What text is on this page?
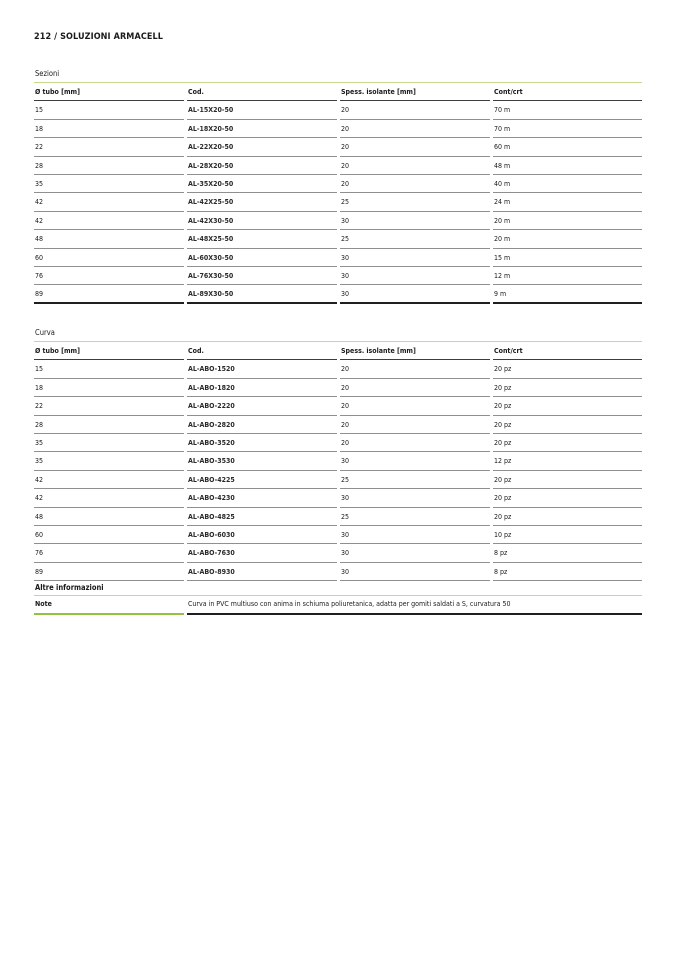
212 / SOLUZIONI ARMACELL
Sezioni
Ø tubo [mm]	Cod.	Spess. isolante [mm]	Cont/crt
15	AL-15X20-50	20	70 m
18	AL-18X20-50	20	70 m
22	AL-22X20-50	20	60 m
28	AL-28X20-50	20	48 m
35	AL-35X20-50	20	40 m
42	AL-42X25-50	25	24 m
42	AL-42X30-50	30	20 m
48	AL-48X25-50	25	20 m
60	AL-60X30-50	30	15 m
76	AL-76X30-50	30	12 m
89	AL-89X30-50	30	9 m
Curva
Ø tubo [mm]	Cod.	Spess. isolante [mm]	Cont/crt
15	AL-ABO-1520	20	20 pz
18	AL-ABO-1820	20	20 pz
22	AL-ABO-2220	20	20 pz
28	AL-ABO-2820	20	20 pz
35	AL-ABO-3520	20	20 pz
35	AL-ABO-3530	30	12 pz
42	AL-ABO-4225	25	20 pz
42	AL-ABO-4230	30	20 pz
48	AL-ABO-4825	25	20 pz
60	AL-ABO-6030	30	10 pz
76	AL-ABO-7630	30	8 pz
89	AL-ABO-8930	30	8 pz
Altre informazioni
Note	Curva in PVC multiuso con anima in schiuma poliuretanica, adatta per gomiti saldati a S, curvatura 50
